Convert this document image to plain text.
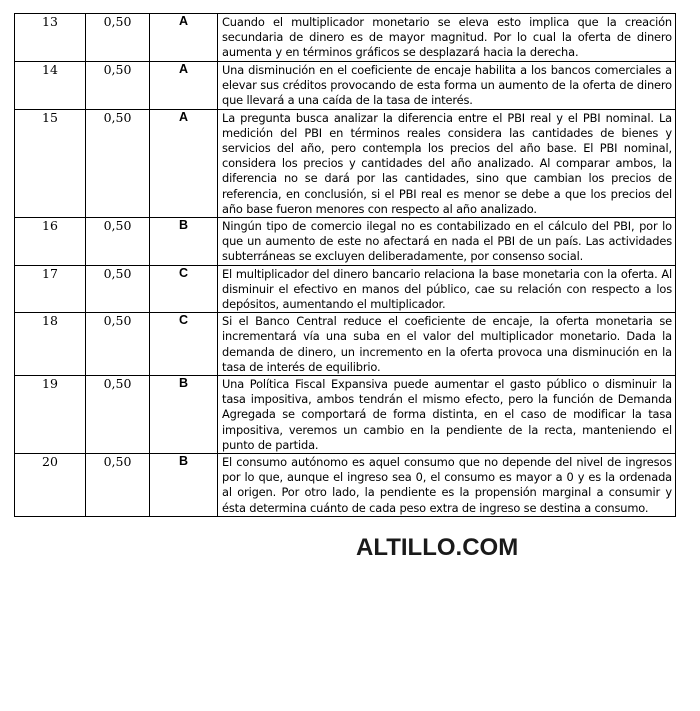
13	0,50	A	Cuando el multiplicador monetario se eleva esto implica que la creación secundaria de dinero es de mayor magnitud. Por lo cual la oferta de dinero aumenta y en términos gráficos se desplazará hacia la derecha.
14	0,50	A	Una disminución en el coeficiente de encaje habilita a los bancos comerciales a elevar sus créditos provocando de esta forma un aumento de la oferta de dinero que llevará a una caída de la tasa de interés.
15	0,50	A	La pregunta busca analizar la diferencia entre el PBI real y el PBI nominal. La medición del PBI en términos reales considera las cantidades de bienes y servicios del año, pero contempla los precios del año base. El PBI nominal, considera los precios y cantidades del año analizado. Al comparar ambos, la diferencia no se dará por las cantidades, sino que cambian los precios de referencia, en conclusión, si el PBI real es menor se debe a que los precios del año base fueron menores con respecto al año analizado.
16	0,50	B	Ningún tipo de comercio ilegal no es contabilizado en el cálculo del PBI, por lo que un aumento de este no afectará en nada el PBI de un país. Las actividades subterráneas se excluyen deliberadamente, por consenso social.
17	0,50	C	El multiplicador del dinero bancario relaciona la base monetaria con la oferta. Al disminuir el efectivo en manos del público, cae su relación con respecto a los depósitos, aumentando el multiplicador.
18	0,50	C	Si el Banco Central reduce el coeficiente de encaje, la oferta monetaria se incrementará vía una suba en el valor del multiplicador monetario. Dada la demanda de dinero, un incremento en la oferta provoca una disminución en la tasa de interés de equilibrio.
19	0,50	B	Una Política Fiscal Expansiva puede aumentar el gasto público o disminuir la tasa impositiva, ambos tendrán el mismo efecto, pero la función de Demanda Agregada se comportará de forma distinta, en el caso de modificar la tasa impositiva, veremos un cambio en la pendiente de la recta, manteniendo el punto de partida.
20	0,50	B	El consumo autónomo es aquel consumo que no depende del nivel de ingresos por lo que, aunque el ingreso sea 0, el consumo es mayor a 0 y es la ordenada al origen. Por otro lado, la pendiente es la propensión marginal a consumir y ésta determina cuánto de cada peso extra de ingreso se destina a consumo.
ALTILLO.COM
